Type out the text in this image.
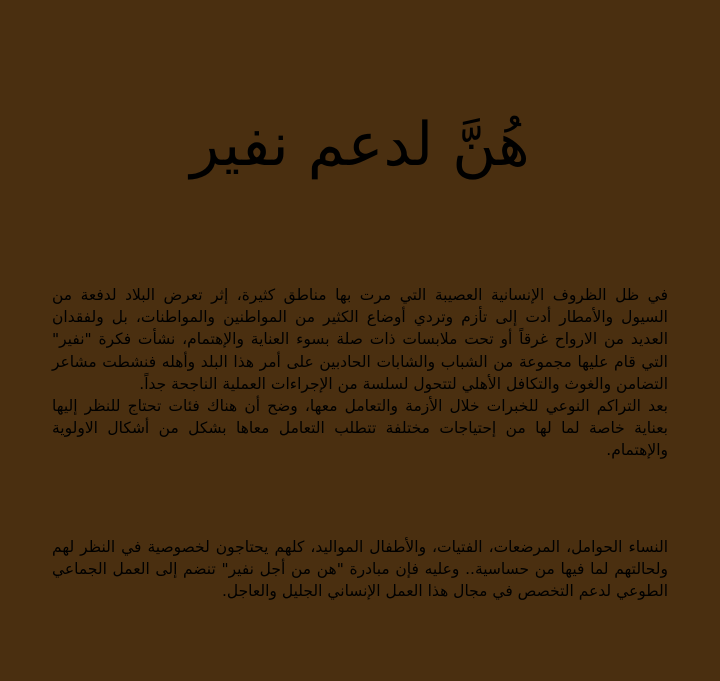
هُنَّ لدعم نفير

في ظل الظروف الإنسانية العصيبة التي مرت بها مناطق كثيرة، إثر تعرض البلاد لدفعة من السيول والأمطار أدت إلى تأزم وتردي أوضاع الكثير من المواطنين والمواطنات، بل ولفقدان العديد من الارواح غرقاً أو تحت ملابسات ذات صلة بسوء العناية والإهتمام، نشأت فكرة "نفير" التي قام عليها مجموعة من الشباب والشابات الحادبين على أمر هذا البلد وأهله فنشطت مشاعر التضامن والغوث والتكافل الأهلي لتتحول لسلسة من الإجراءات العملية الناجحة جداً.

بعد التراكم النوعي للخبرات خلال الأزمة والتعامل معها، وضح أن هناك فئات تحتاج للنظر إليها بعناية خاصة لما لها من إحتياجات مختلفة تتطلب التعامل معاها بشكل من أشكال الاولوية والإهتمام.

النساء الحوامل، المرضعات، الفتيات، والأطفال المواليد، كلهم يحتاجون لخصوصية في النظر لهم ولحالتهم لما فيها من حساسية.. وعليه فإن مبادرة "هن من أجل نفير" تنضم إلى العمل الجماعي الطوعي لدعم التخصص في مجال هذا العمل الإنساني الجليل والعاجل.
